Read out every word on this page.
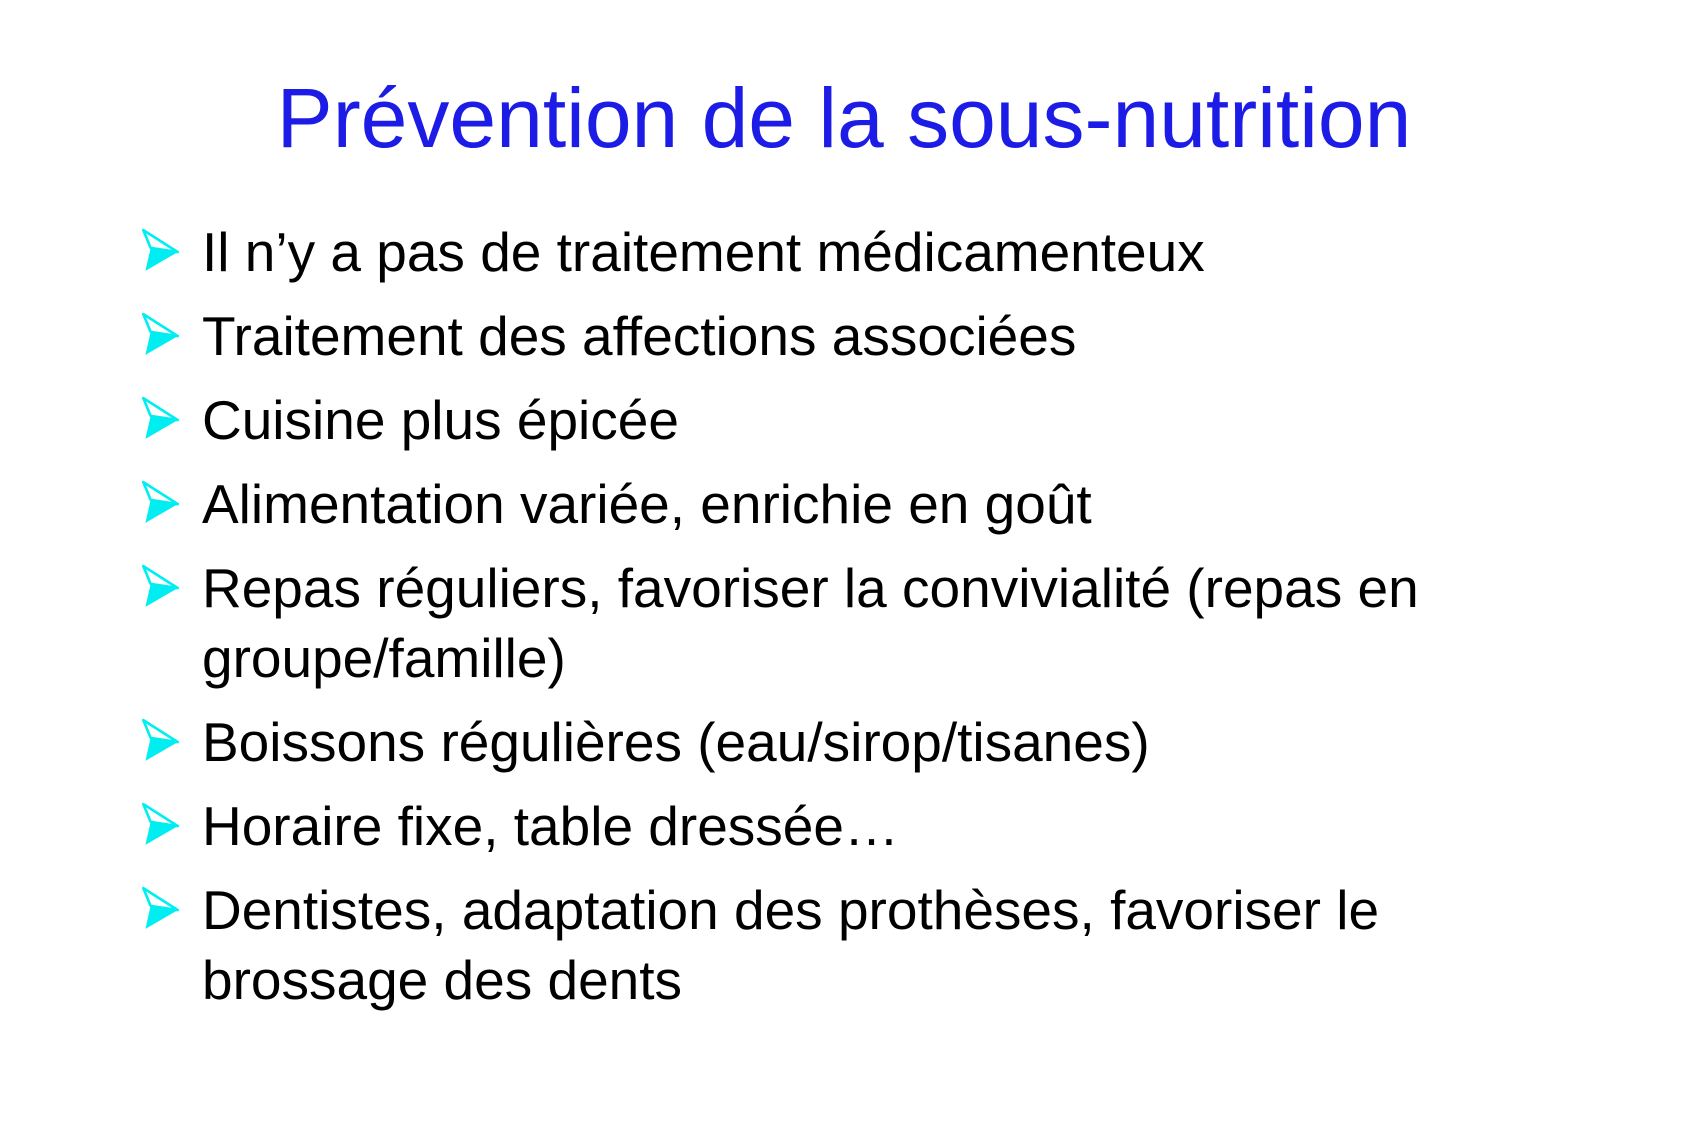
Prévention de la sous-nutrition
Il n’y a pas de traitement médicamenteux
Traitement des affections associées
Cuisine plus épicée
Alimentation variée, enrichie en goût
Repas réguliers, favoriser la convivialité (repas en groupe/famille)
Boissons régulières (eau/sirop/tisanes)
Horaire fixe, table dressée…
Dentistes, adaptation des prothèses, favoriser le brossage des dents
